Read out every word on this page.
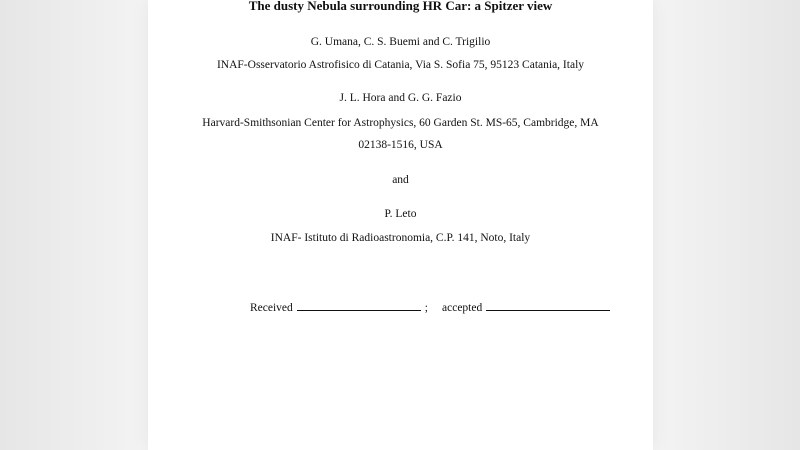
The dusty Nebula surrounding HR Car: a Spitzer view
G. Umana, C. S. Buemi and C. Trigilio
INAF-Osservatorio Astrofisico di Catania, Via S. Sofia 75, 95123 Catania, Italy
J. L. Hora and G. G. Fazio
Harvard-Smithsonian Center for Astrophysics, 60 Garden St. MS-65, Cambridge, MA
02138-1516, USA
and
P. Leto
INAF- Istituto di Radioastronomia, C.P. 141, Noto, Italy
Received	; accepted
